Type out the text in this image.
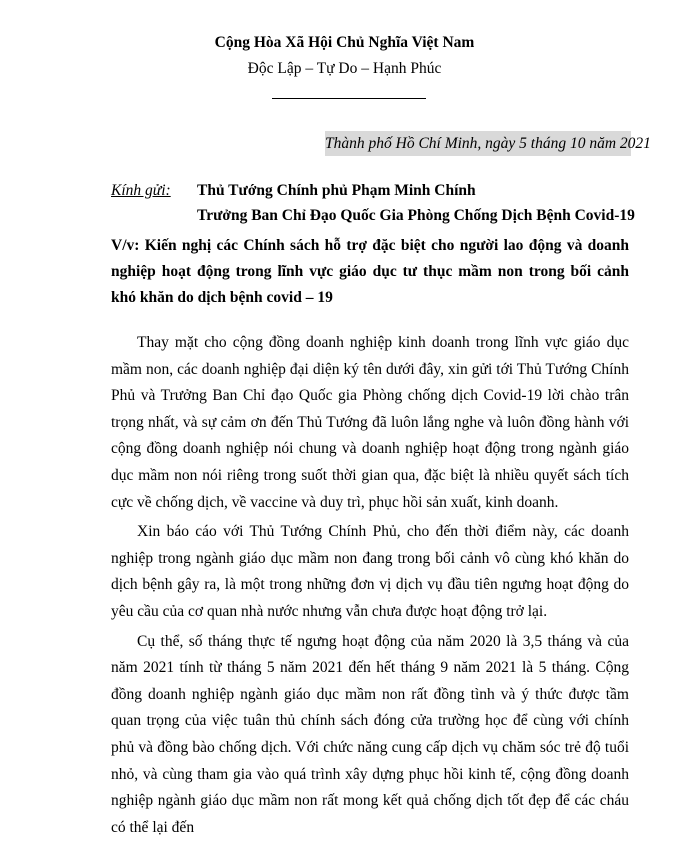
Cộng Hòa Xã Hội Chủ Nghĩa Việt Nam
Độc Lập – Tự Do – Hạnh Phúc
Thành phố Hồ Chí Minh, ngày 5 tháng 10 năm 2021
Kính gửi: Thủ Tướng Chính phủ Phạm Minh Chính
Trưởng Ban Chỉ Đạo Quốc Gia Phòng Chống Dịch Bệnh Covid-19
V/v: Kiến nghị các Chính sách hỗ trợ đặc biệt cho người lao động và doanh nghiệp hoạt động trong lĩnh vực giáo dục tư thục mầm non trong bối cảnh khó khăn do dịch bệnh covid – 19

Thay mặt cho cộng đồng doanh nghiệp kinh doanh trong lĩnh vực giáo dục mầm non, các doanh nghiệp đại diện ký tên dưới đây, xin gửi tới Thủ Tướng Chính Phủ và Trưởng Ban Chỉ đạo Quốc gia Phòng chống dịch Covid-19 lời chào trân trọng nhất, và sự cảm ơn đến Thủ Tướng đã luôn lắng nghe và luôn đồng hành với cộng đồng doanh nghiệp nói chung và doanh nghiệp hoạt động trong ngành giáo dục mầm non nói riêng trong suốt thời gian qua, đặc biệt là nhiều quyết sách tích cực về chống dịch, về vaccine và duy trì, phục hồi sản xuất, kinh doanh.

Xin báo cáo với Thủ Tướng Chính Phủ, cho đến thời điểm này, các doanh nghiệp trong ngành giáo dục mầm non đang trong bối cảnh vô cùng khó khăn do dịch bệnh gây ra, là một trong những đơn vị dịch vụ đầu tiên ngưng hoạt động do yêu cầu của cơ quan nhà nước nhưng vẫn chưa được hoạt động trở lại.

Cụ thể, số tháng thực tế ngưng hoạt động của năm 2020 là 3,5 tháng và của năm 2021 tính từ tháng 5 năm 2021 đến hết tháng 9 năm 2021 là 5 tháng. Cộng đồng doanh nghiệp ngành giáo dục mầm non rất đồng tình và ý thức được tầm quan trọng của việc tuân thủ chính sách đóng cửa trường học để cùng với chính phủ và đồng bào chống dịch. Với chức năng cung cấp dịch vụ chăm sóc trẻ độ tuổi nhỏ, và cùng tham gia vào quá trình xây dựng phục hồi kinh tế, cộng đồng doanh nghiệp ngành giáo dục mầm non rất mong kết quả chống dịch tốt đẹp để các cháu có thể lại đến
